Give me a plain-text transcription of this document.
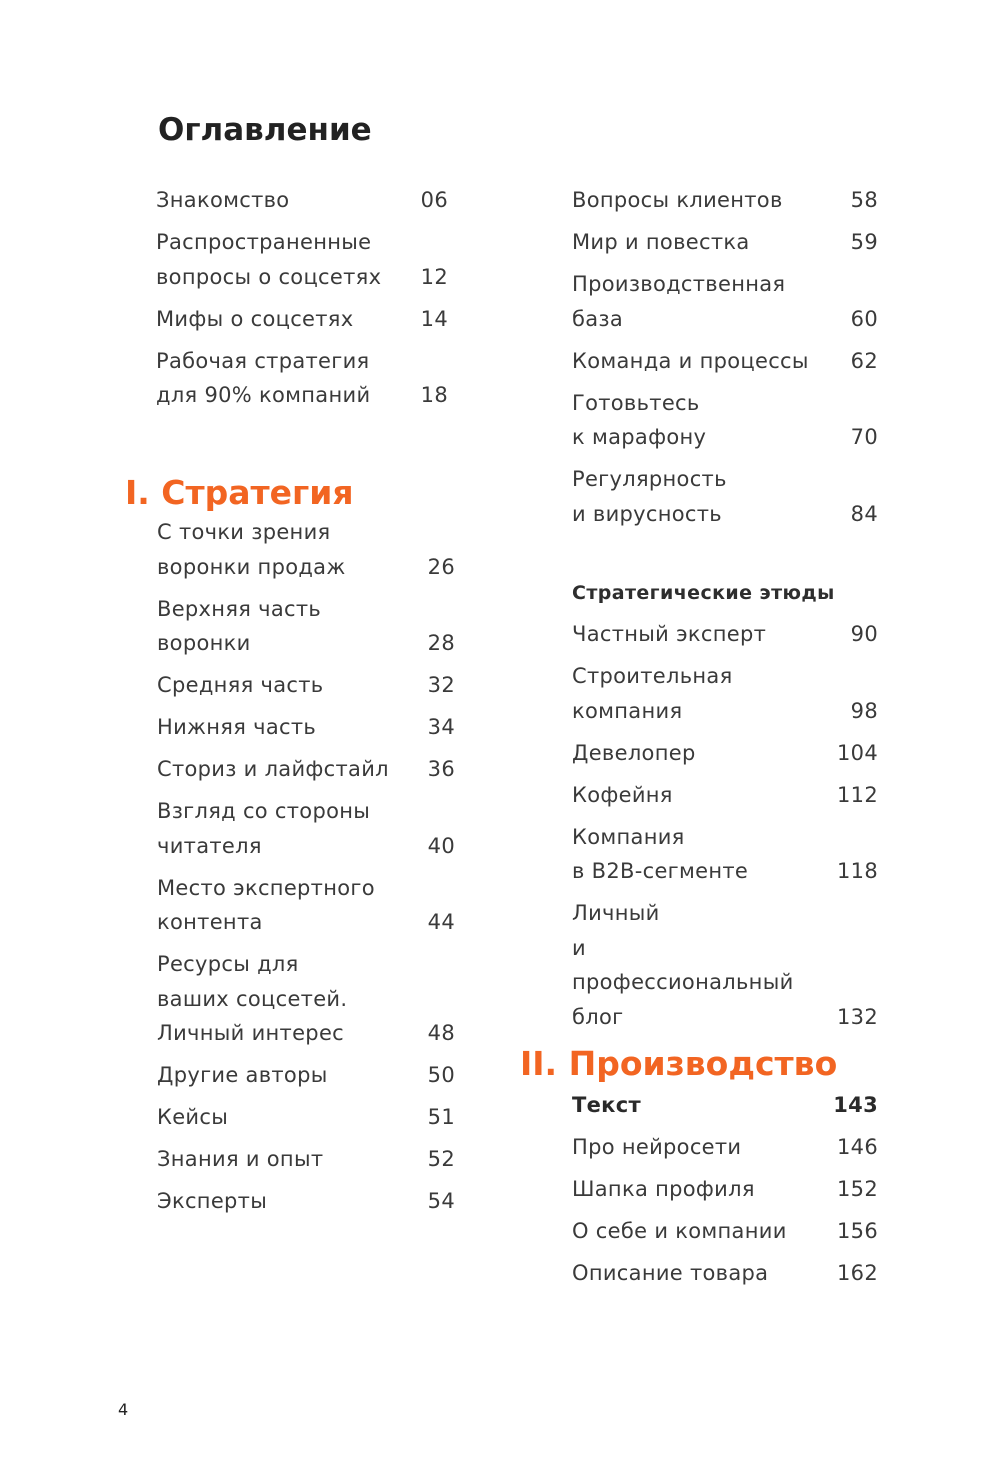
Оглавление
Знакомство	06
Распространенные
вопросы о соцсетях	12
Мифы о соцсетях	14
Рабочая стратегия
для 90% компаний	18
I. Стратегия
С точки зрения
воронки продаж	26
Верхняя часть
воронки	28
Средняя часть	32
Нижняя часть	34
Сториз и лайфстайл	36
Взгляд со стороны
читателя	40
Место экспертного
контента	44
Ресурсы для
ваших соцсетей.
Личный интерес	48
Другие авторы	50
Кейсы	51
Знания и опыт	52
Эксперты	54
Вопросы клиентов	58
Мир и повестка	59
Производственная
база	60
Команда и процессы	62
Готовьтесь
к марафону	70
Регулярность
и вирусность	84
Стратегические этюды
Частный эксперт	90
Строительная
компания	98
Девелопер	104
Кофейня	112
Компания
в B2B-сегменте	118
Личный
и профессиональный
блог	132
II. Производство
Текст	143
Про нейросети	146
Шапка профиля	152
О себе и компании 156
Описание товара	162
4
